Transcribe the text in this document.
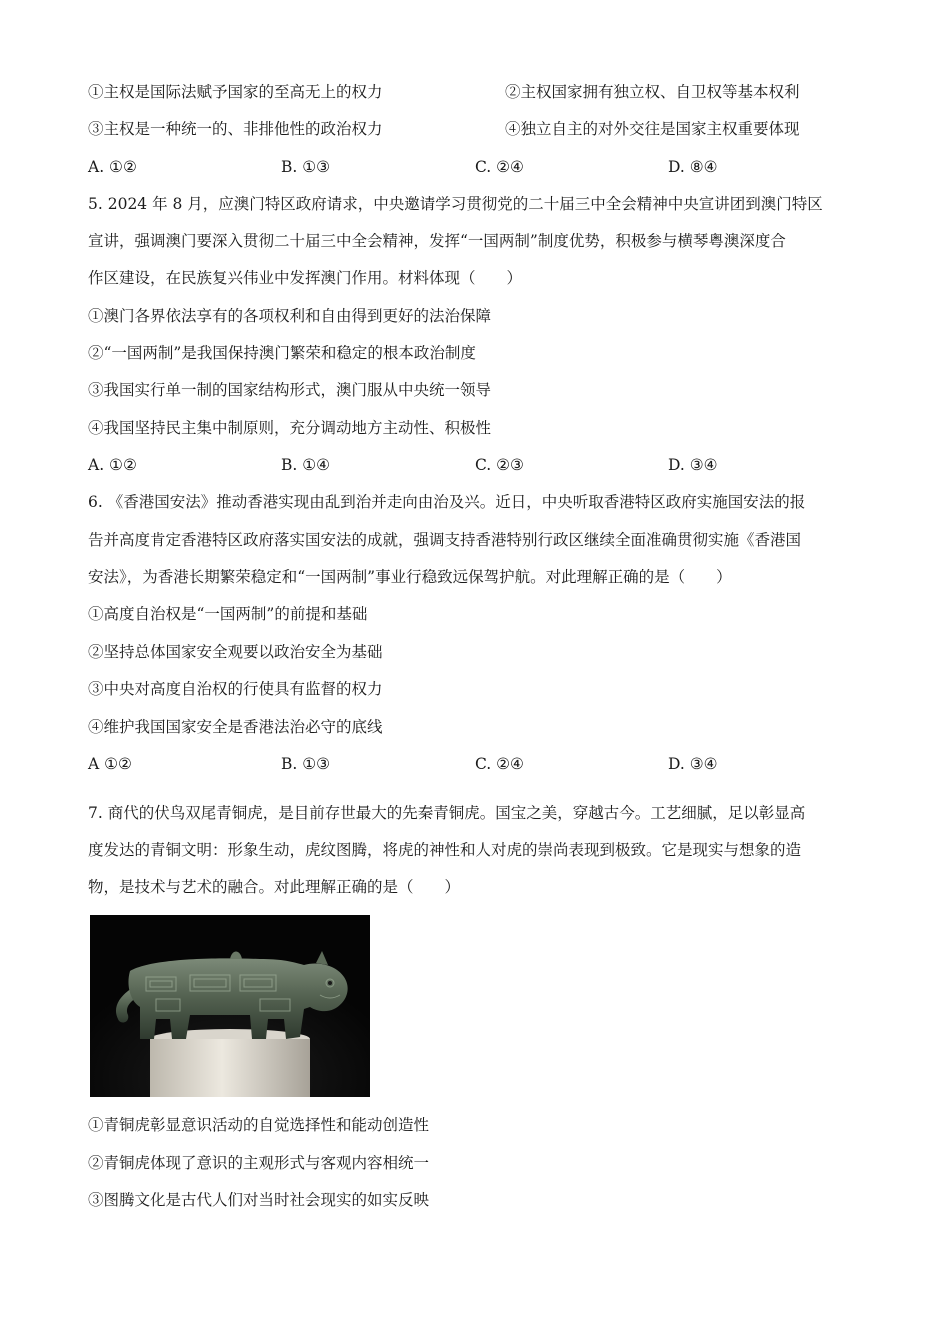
①主权是国际法赋予国家的至高无上的权力	②主权国家拥有独立权、自卫权等基本权利
③主权是一种统一的、非排他性的政治权力	④独立自主的对外交往是国家主权重要体现
A. ①②	B. ①③	C. ②④	D. ⑧④
5. 2024 年 8 月，应澳门特区政府请求，中央邀请学习贯彻党的二十届三中全会精神中央宣讲团到澳门特区
宣讲，强调澳门要深入贯彻二十届三中全会精神，发挥“一国两制”制度优势，积极参与横琴粤澳深度合
作区建设，在民族复兴伟业中发挥澳门作用。材料体现（　　）
①澳门各界依法享有的各项权利和自由得到更好的法治保障
②“一国两制”是我国保持澳门繁荣和稳定的根本政治制度
③我国实行单一制的国家结构形式，澳门服从中央统一领导
④我国坚持民主集中制原则，充分调动地方主动性、积极性
A. ①②	B. ①④	C. ②③	D. ③④
6. 《香港国安法》推动香港实现由乱到治并走向由治及兴。近日，中央听取香港特区政府实施国安法的报
告并高度肯定香港特区政府落实国安法的成就，强调支持香港特别行政区继续全面准确贯彻实施《香港国
安法》，为香港长期繁荣稳定和“一国两制”事业行稳致远保驾护航。对此理解正确的是（　　）
①高度自治权是“一国两制”的前提和基础
②坚持总体国家安全观要以政治安全为基础
③中央对高度自治权的行使具有监督的权力
④维护我国国家安全是香港法治必守的底线
A ①②	B. ①③	C. ②④	D. ③④
7. 商代的伏鸟双尾青铜虎，是目前存世最大的先秦青铜虎。国宝之美，穿越古今。工艺细腻，足以彰显高
度发达的青铜文明：形象生动，虎纹图腾，将虎的神性和人对虎的崇尚表现到极致。它是现实与想象的造
物，是技术与艺术的融合。对此理解正确的是（　　）
①青铜虎彰显意识活动的自觉选择性和能动创造性
②青铜虎体现了意识的主观形式与客观内容相统一
③图腾文化是古代人们对当时社会现实的如实反映
